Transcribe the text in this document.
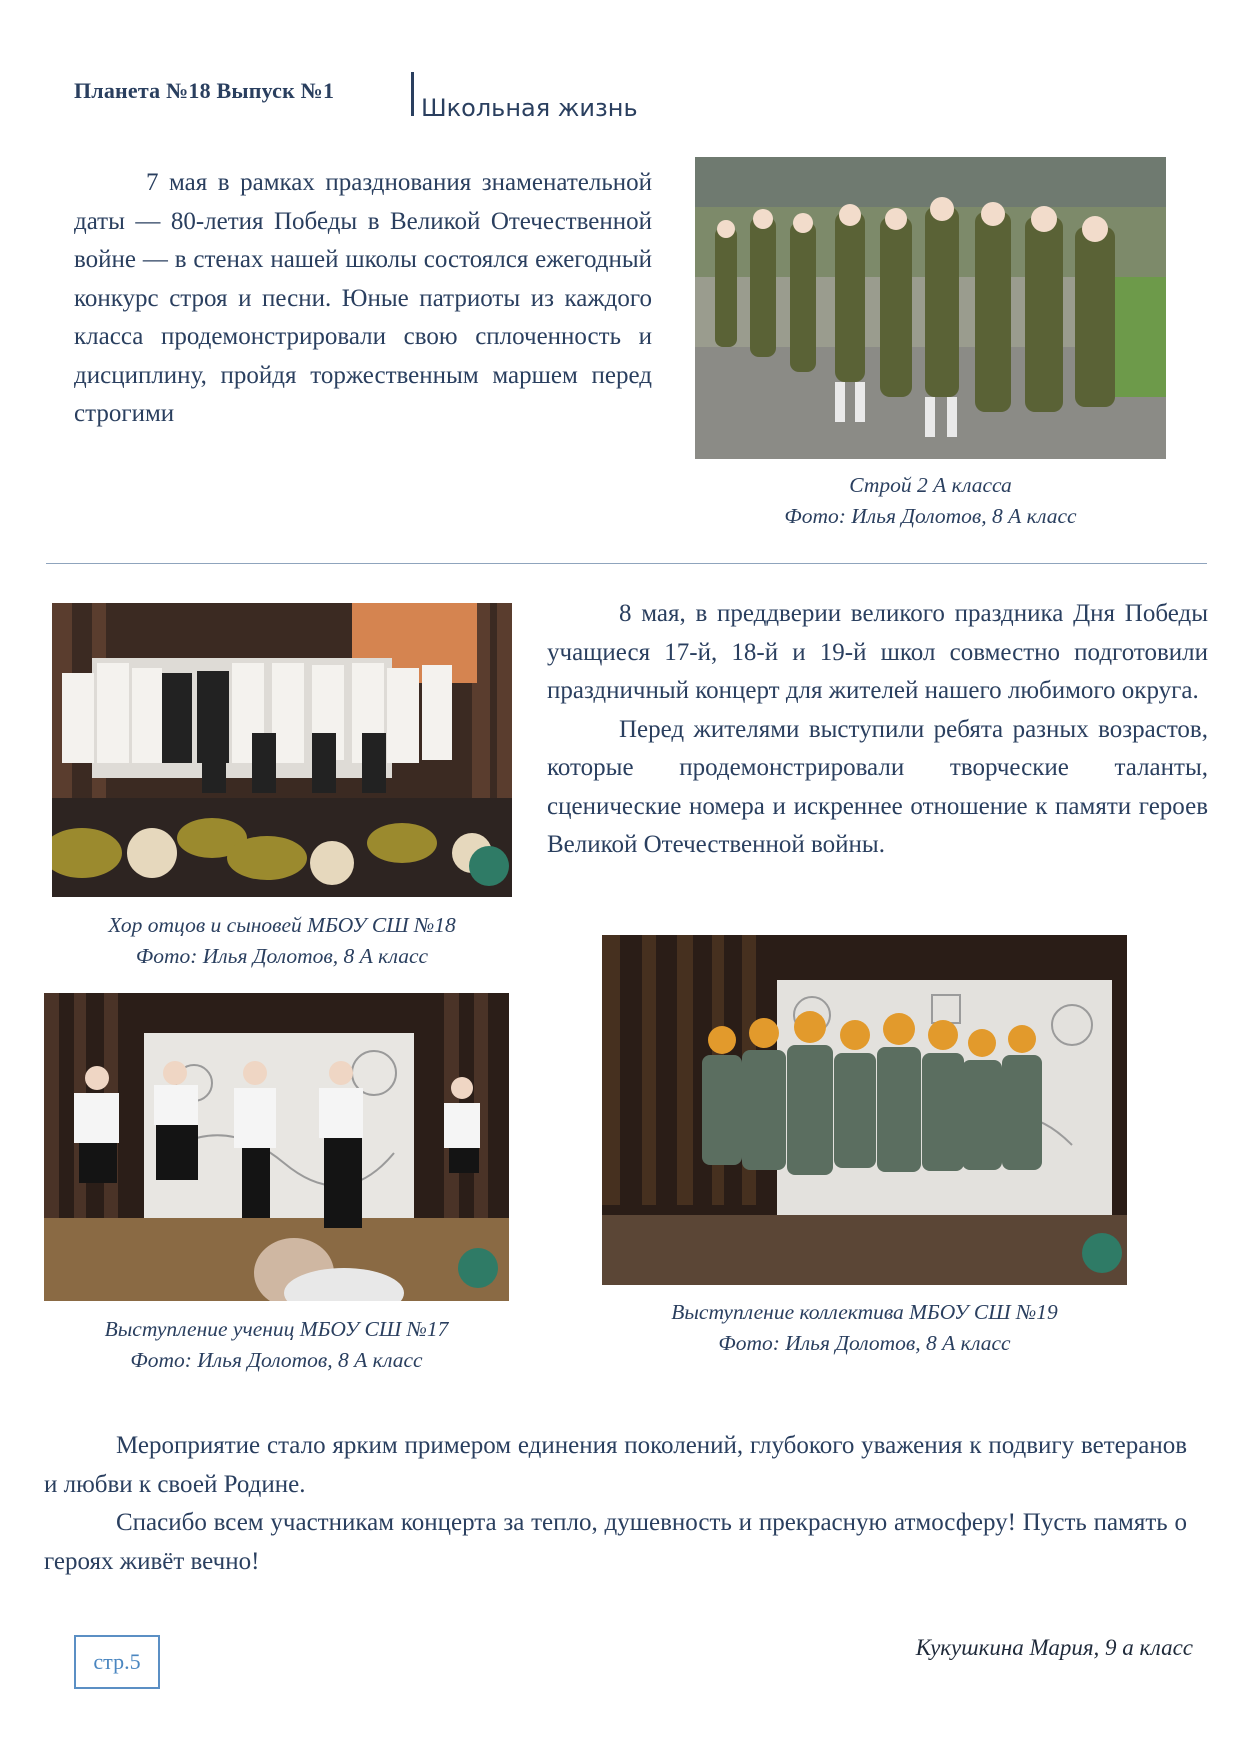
Планета №18 Выпуск №1
Школьная жизнь

7 мая в рамках празднования знаменательной даты — 80-летия Победы в Великой Отечественной войне — в стенах нашей школы состоялся ежегодный конкурс строя и песни. Юные патриоты из каждого класса продемонстрировали свою сплоченность и дисциплину, пройдя торжественным маршем перед строгими

Строй 2 А класса
Фото: Илья Долотов, 8 А класс
Хор отцов и сыновей МБОУ СШ №18
Фото: Илья Долотов, 8 А класс

8 мая, в преддверии великого праздника Дня Победы учащиеся 17-й, 18-й и 19-й школ совместно подготовили праздничный концерт для жителей нашего любимого округа.

Перед жителями выступили ребята разных возрастов, которые продемонстрировали творческие таланты, сценические номера и искреннее отношение к памяти героев Великой Отечественной войны.

Выступление учениц МБОУ СШ №17
Фото: Илья Долотов, 8 А класс
Выступление коллектива МБОУ СШ №19
Фото: Илья Долотов, 8 А класс

Мероприятие стало ярким примером единения поколений, глубокого уважения к подвигу ветеранов и любви к своей Родине.

Спасибо всем участникам концерта за тепло, душевность и прекрасную атмосферу! Пусть память о героях живёт вечно!

стр.5
Кукушкина Мария, 9 а класс
